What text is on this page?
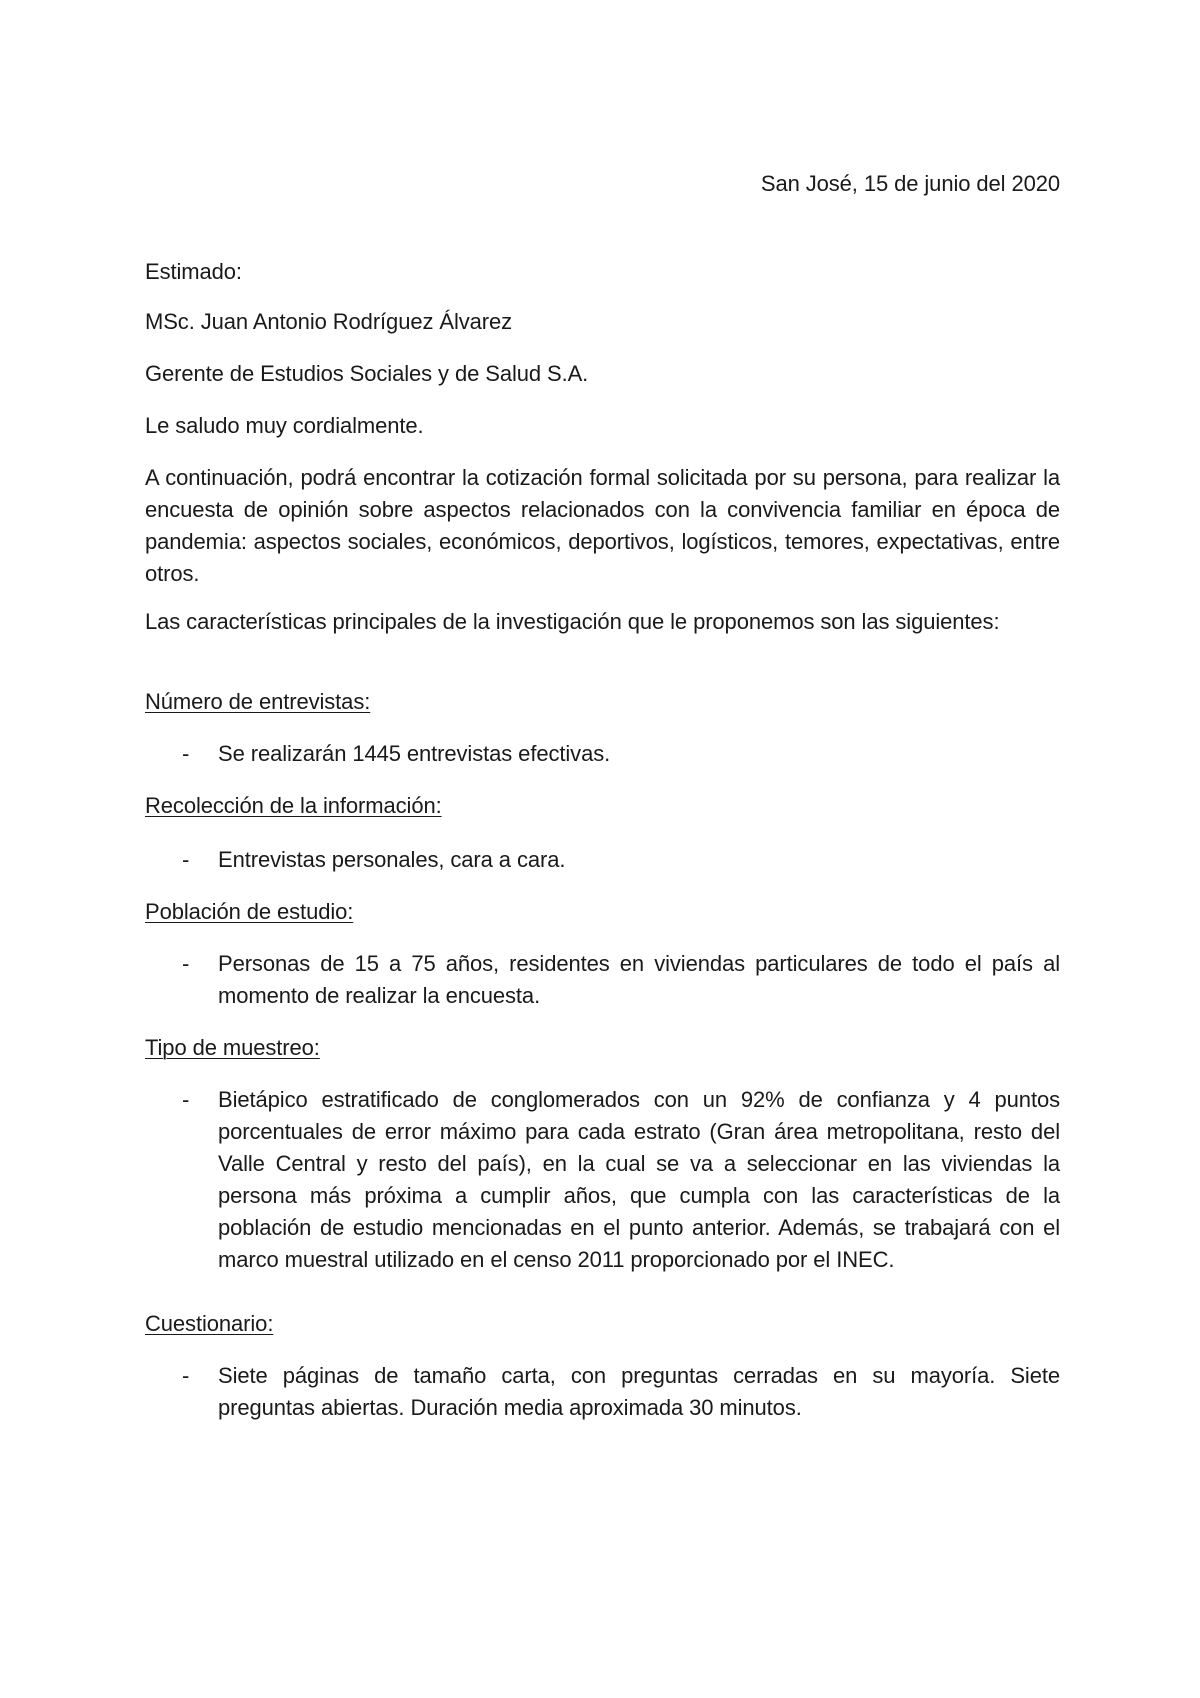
San José, 15 de junio del 2020
Estimado:
MSc. Juan Antonio Rodríguez Álvarez
Gerente de Estudios Sociales y de Salud S.A.
Le saludo muy cordialmente.
A continuación, podrá encontrar la cotización formal solicitada por su persona, para realizar la encuesta de opinión sobre aspectos relacionados con la convivencia familiar en época de pandemia: aspectos sociales, económicos, deportivos, logísticos, temores, expectativas, entre otros.
Las características principales de la investigación que le proponemos son las siguientes:
Número de entrevistas:
- Se realizarán 1445 entrevistas efectivas.
Recolección de la información:
- Entrevistas personales, cara a cara.
Población de estudio:
- Personas de 15 a 75 años, residentes en viviendas particulares de todo el país al momento de realizar la encuesta.
Tipo de muestreo:
- Bietápico estratificado de conglomerados con un 92% de confianza y 4 puntos porcentuales de error máximo para cada estrato (Gran área metropolitana, resto del Valle Central y resto del país), en la cual se va a seleccionar en las viviendas la persona más próxima a cumplir años, que cumpla con las características de la población de estudio mencionadas en el punto anterior. Además, se trabajará con el marco muestral utilizado en el censo 2011 proporcionado por el INEC.
Cuestionario:
- Siete páginas de tamaño carta, con preguntas cerradas en su mayoría. Siete preguntas abiertas. Duración media aproximada 30 minutos.
